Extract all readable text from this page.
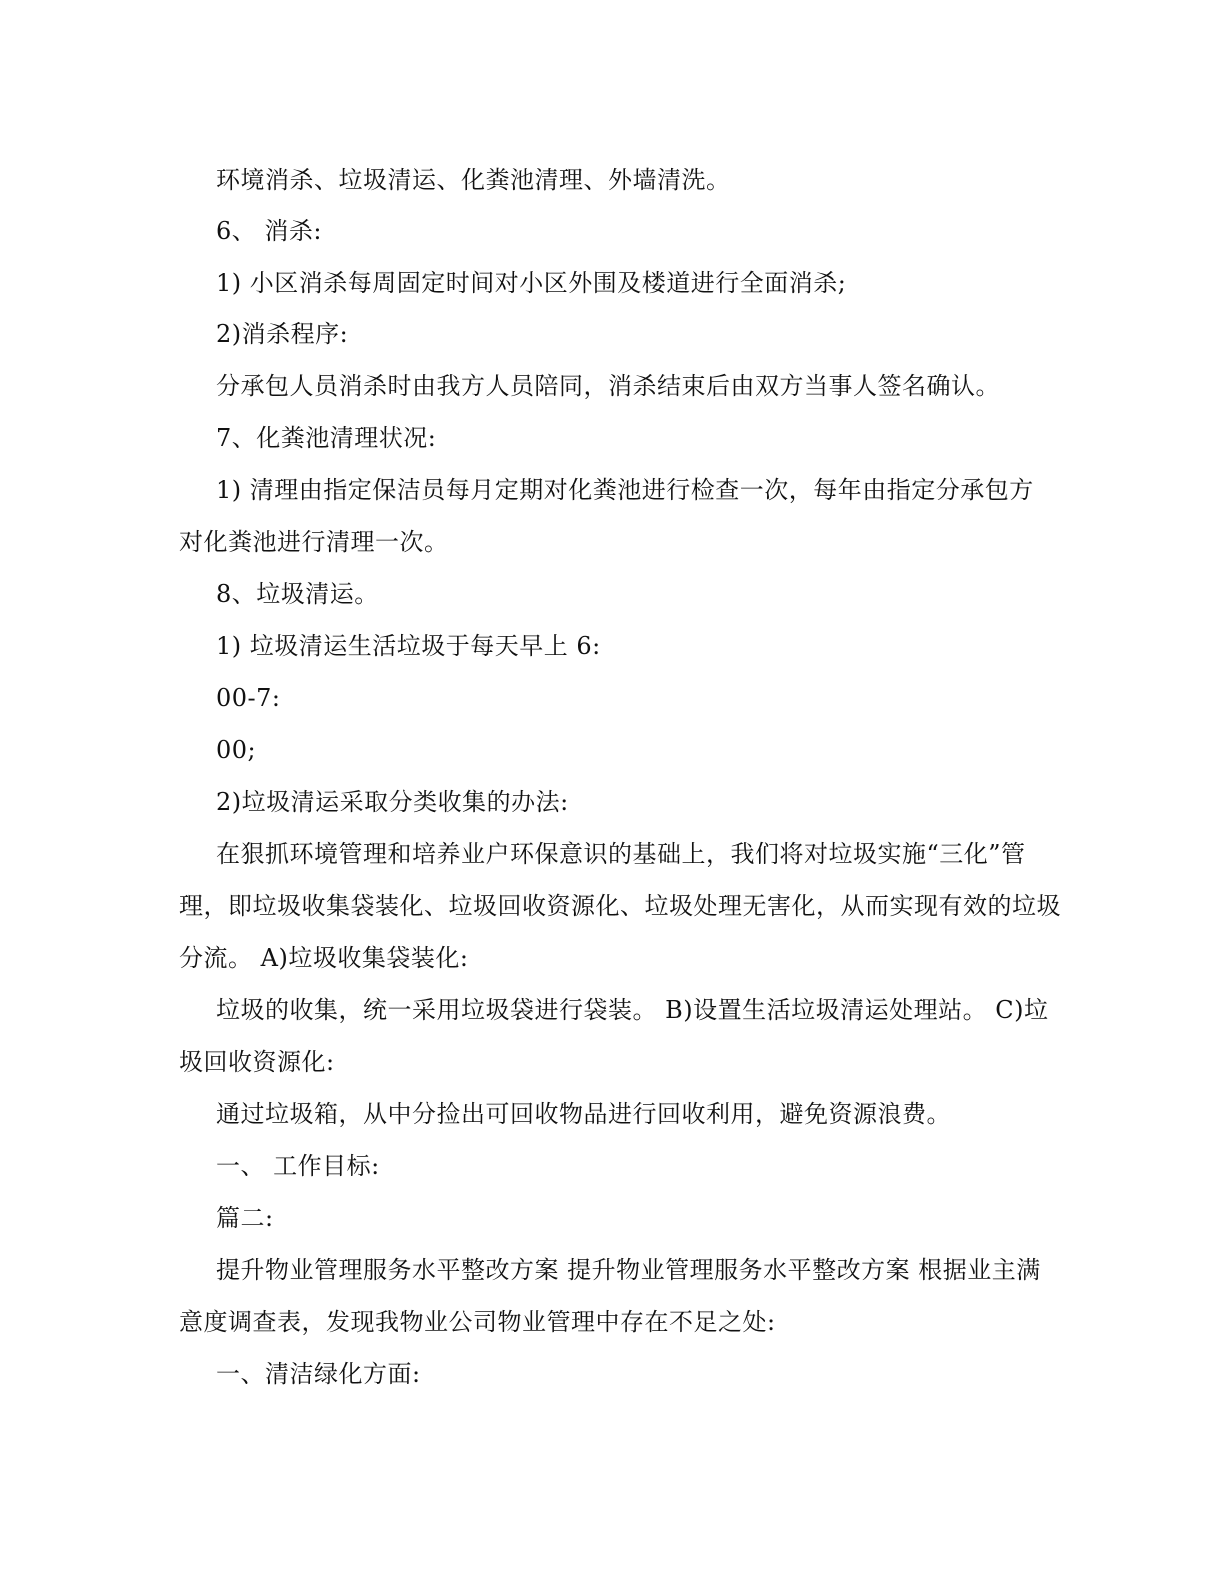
环境消杀、垃圾清运、化粪池清理、外墙清洗。
6、 消杀:
1) 小区消杀每周固定时间对小区外围及楼道进行全面消杀;
2)消杀程序:
分承包人员消杀时由我方人员陪同，消杀结束后由双方当事人签名确认。
7、化粪池清理状况:
1) 清理由指定保洁员每月定期对化粪池进行检查一次，每年由指定分承包方
对化粪池进行清理一次。
8、垃圾清运。
1) 垃圾清运生活垃圾于每天早上 6:
00-7:
00;
2)垃圾清运采取分类收集的办法:
在狠抓环境管理和培养业户环保意识的基础上，我们将对垃圾实施“三化”管
理，即垃圾收集袋装化、垃圾回收资源化、垃圾处理无害化，从而实现有效的垃圾
分流。 A)垃圾收集袋装化:
垃圾的收集，统一采用垃圾袋进行袋装。 B)设置生活垃圾清运处理站。 C)垃
圾回收资源化:
通过垃圾箱，从中分捡出可回收物品进行回收利用，避免资源浪费。
一、 工作目标:
篇二:
提升物业管理服务水平整改方案 提升物业管理服务水平整改方案 根据业主满
意度调查表，发现我物业公司物业管理中存在不足之处:
一、清洁绿化方面:
